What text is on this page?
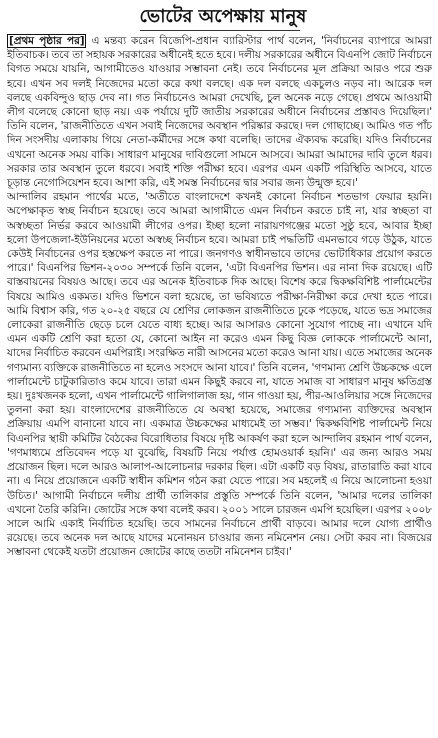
ভোটের অপেক্ষায় মানুষ

[প্রথম পৃষ্ঠার পর] এ মন্তব্য করেন বিজেপি-প্রধান ব্যারিস্টার পার্থ বলেন, 'নির্বাচনের ব্যাপারে আমরা ইতিবাচক। তবে তা সহায়ক সরকারের অধীনেই হতে হবে। দলীয় সরকারের অধীনে বিএনপি জোট নির্বাচনে বিগত সময়ে যায়নি, আগামীতেও যাওয়ার সম্ভাবনা নেই। তবে নির্বাচনের মূল প্রক্রিয়া আরও পরে শুরু হবে। এখন সব দলই নিজেদের মতো করে কথা বলছে। এক দল বলছে একচুলও নড়ব না। আরেক দল বলছে একবিন্দুও ছাড় দেব না। গত নির্বাচনেও আমরা দেখেছি, চুল অনেক নড়ে গেছে। প্রথমে আওয়ামী লীগ বলেছে কোনো ছাড় নয়। এক পর্যায়ে দুটি জাতীয় সরকারের অধীনে নির্বাচনের প্রস্তাবও দিয়েছিল।' তিনি বলেন, 'রাজনীতিতে এখন সবাই নিজেদের অবস্থান পরিষ্কার করছে। দল গোছাচ্ছে। আমিও গত পাঁচ দিন সংসদীয় এলাকায় গিয়ে নেতা-কর্মীদের সঙ্গে কথা বলেছি। তাদের ঐক্যবদ্ধ করেছি। যদিও নির্বাচনের এখনো অনেক সময় বাকি। সাধারণ মানুষের দাবিগুলো সামনে আসবে। আমরা আমাদের দাবি তুলে ধরব। সরকার তার অবস্থান তুলে ধরবে। সবাই শক্তি পরীক্ষা হবে। এরপর এমন একটি পরিস্থিতি আসবে, যাতে চূড়ান্ত নেগোসিয়েশন হবে। আশা করি, এই সমস্ত নির্বাচনের দ্বার সবার জন্য উন্মুক্ত হবে।'

আন্দালিব রহমান পার্থের মতে, 'অতীতে বাংলাদেশে কখনই কোনো নির্বাচন শতভাগ ফেয়ার হয়নি। অপেক্ষাকৃত স্বচ্ছ নির্বাচন হয়েছে। তবে আমরা আগামীতে এমন নির্বাচন করতে চাই না, যার স্বচ্ছতা বা অস্বচ্ছতা নির্ভর করবে আওয়ামী লীগের ওপর। ইচ্ছা হলো নারায়ণগঞ্জের মতো সুষ্ঠু হবে, আবার ইচ্ছা হলো উপজেলা-ইউনিয়নের মতো অস্বচ্ছ নির্বাচন হবে। আমরা চাই পদ্ধতিটি এমনভাবে গড়ে উঠুক, যাতে কেউই নির্বাচনের ওপর হস্তক্ষেপ করতে না পারে। জনগণও স্বাধীনভাবে তাদের ভোটাধিকার প্রয়োগ করতে পারে।' বিএনপির ভিশন-২০৩০ সম্পর্কে তিনি বলেন, 'এটা বিএনপির ভিশন। এর নানা দিক রয়েছে। এটি বাস্তবায়নের বিষয়ও আছে। তবে এর অনেক ইতিবাচক দিক আছে। বিশেষ করে দ্বিকক্ষবিশিষ্ট পার্লামেন্টের বিষয়ে আমিও একমত। যদিও ভিশনে বলা হয়েছে, তা ভবিষ্যতে পরীক্ষা-নিরীক্ষা করে দেখা হতে পারে। আমি বিশ্বাস করি, গত ২০-২৫ বছরে যে শ্রেণির লোকজন রাজনীতিতে ঢুকে পড়েছে, যাতে ভদ্র সমাজের লোকেরা রাজনীতি ছেড়ে চলে যেতে বাধ্য হচ্ছে। আর আসারও কোনো সুযোগ পাচ্ছে না। এখানে যদি এমন একটি শ্রেণি করা হতো যে, কোনো আইন না করেও এমন কিছু বিজ্ঞ লোককে পার্লামেন্টে আনা, যাদের নির্বাচিত করবেন এমপিরাই। সংরক্ষিত নারী আসনের মতো করেও আনা যায়। এতে সমাজের অনেক গণ্যমান্য ব্যক্তিকে রাজনীতিতে না হলেও সংসদে আনা যাবে।' তিনি বলেন, 'গণমান্য শ্রেণি উচ্চকক্ষে এলে পার্লামেন্টে চাটুকারিতাও কমে যাবে। তারা এমন কিছুই করবে না, যাতে সমাজ বা সাধারণ মানুষ ক্ষতিগ্রস্ত হয়। দুঃখজনক হলো, এখন পার্লামেন্টে গালিগালাজ হয়, গান গাওয়া হয়, পীর-আওলিয়ার সঙ্গে নিজেদের তুলনা করা হয়। বাংলাদেশের রাজনীতিতে যে অবস্থা হয়েছে, সমাজের গণ্যমান্য ব্যক্তিদের অবস্থান প্রক্রিয়ায় এমপি বানানো যাবে না। একমাত্র উচ্চকক্ষের মাধ্যমেই তা সম্ভব।' দ্বিকক্ষবিশিষ্ট পার্লামেন্ট নিয়ে বিএনপির স্থায়ী কমিটির বৈঠকের বিরোধিতার বিষয়ে দৃষ্টি আকর্ষণ করা হলে আন্দালিব রহমান পার্থ বলেন, 'গণমাধ্যমে প্রতিবেদন পড়ে যা বুঝেছি, বিষয়টি নিয়ে পর্যাপ্ত হোমওয়ার্ক হয়নি।' এর জন্য আরও সময় প্রয়োজন ছিল। দলে আরও আলাপ-আলোচনার দরকার ছিল। এটা একটি বড় বিষয়, রাতারাতি করা যাবে না। এ নিয়ে প্রয়োজনে একটি স্বাধীন কমিশন গঠন করা যেতে পারে। সব মহলেই এ নিয়ে আলোচনা হওয়া উচিত।' আগামী নির্বাচনে দলীয় প্রার্থী তালিকার প্রস্তুতি সম্পর্কে তিনি বলেন, 'আমার দলের তালিকা এখনো তৈরি করিনি। জোটের সঙ্গে কথা বলেই করব। ২০০১ সালে চারজন এমপি হয়েছিল। এরপর ২০০৮ সালে আমি একাই নির্বাচিত হয়েছি। তবে সামনের নির্বাচনে প্রার্থী বাড়বে। আমার দলে যোগ্য প্রার্থীও রয়েছে। তবে অনেক দল আছে যাদের মনোনয়ন চাওয়ার জন্য নমিনেশন নেয়। সেটা করব না। বিজয়ের সম্ভাবনা থেকেই যতটা প্রয়োজন জোটের কাছে ততটা নমিনেশন চাইব।'
